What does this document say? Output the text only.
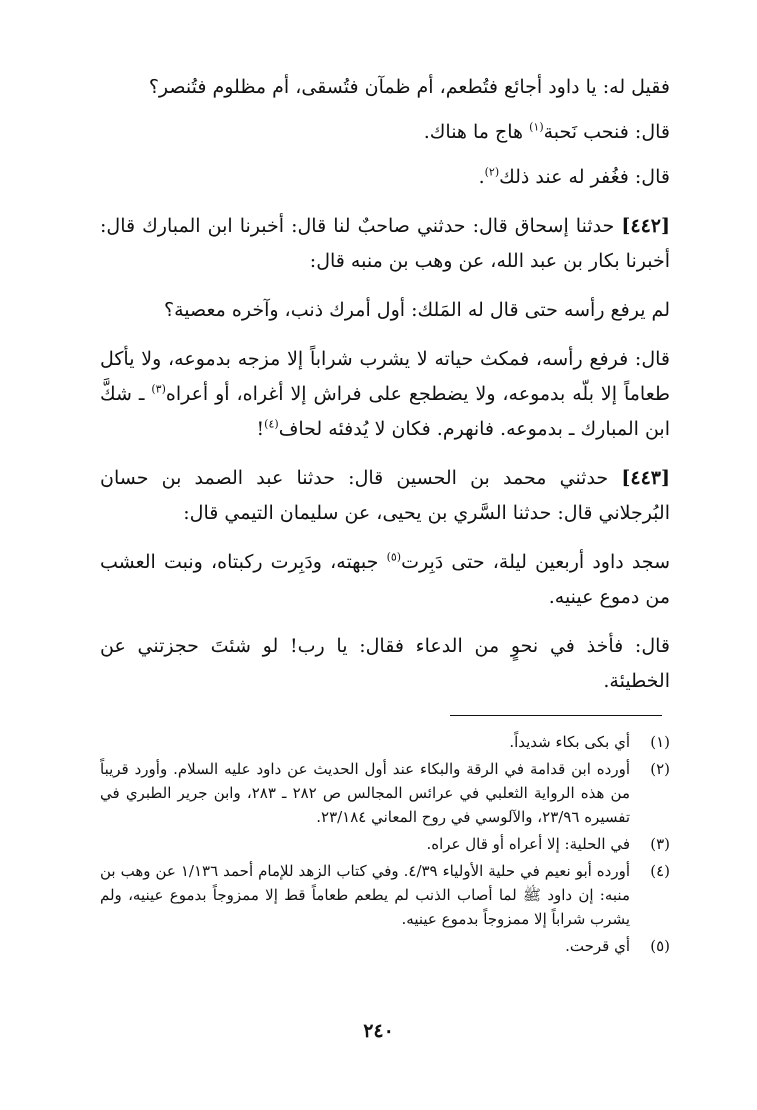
فقيل له: يا داود أجائع فتُطعم، أم ظمآن فتُسقى، أم مظلوم فتُنصر؟

قال: فنحب نَحبة$^{(١)}$ هاج ما هناك.

قال: فغُفر له عند ذلك$^{(٢)}$.

[٤٤٢] حدثنا إسحاق قال: حدثني صاحبٌ لنا قال: أخبرنا ابن المبارك قال: أخبرنا بكار بن عبد الله، عن وهب بن منبه قال:

لم يرفع رأسه حتى قال له المَلك: أول أمرك ذنب، وآخره معصية؟

قال: فرفع رأسه، فمكث حياته لا يشرب شراباً إلا مزجه بدموعه، ولا يأكل طعاماً إلا بلّه بدموعه، ولا يضطجع على فراش إلا أغراه، أو أعراه$^{(٣)}$ ـ شكَّ ابن المبارك ـ بدموعه. فانهرم. فكان لا يُدفئه لحاف$^{(٤)}$!

[٤٤٣] حدثني محمد بن الحسين قال: حدثنا عبد الصمد بن حسان البُرجلاني قال: حدثنا السَّري بن يحيى، عن سليمان التيمي قال:

سجد داود أربعين ليلة، حتى دَبِرت$^{(٥)}$ جبهته، ودَبِرت ركبتاه، ونبت العشب من دموع عينيه.

قال: فأخذ في نحوٍ من الدعاء فقال: يا رب! لو شئتَ حجزتني عن الخطيئة.

(١)
أي بكى بكاء شديداً.
(٢)
أورده ابن قدامة في الرقة والبكاء عند أول الحديث عن داود عليه السلام. وأورد قريباً من هذه الرواية الثعلبي في عرائس المجالس ص ٢٨٢ ـ ٢٨٣، وابن جرير الطبري في تفسيره ٢٣/٩٦، والآلوسي في روح المعاني ٢٣/١٨٤.
(٣)
في الحلية: إلا أعراه أو قال عراه.
(٤)
أورده أبو نعيم في حلية الأولياء ٤/٣٩. وفي كتاب الزهد للإمام أحمد ١/١٣٦ عن وهب بن منبه: إن داود ﷺ لما أصاب الذنب لم يطعم طعاماً قط إلا ممزوجاً بدموع عينيه، ولم يشرب شراباً إلا ممزوجاً بدموع عينيه.
(٥)
أي قرحت.
٢٤٠
